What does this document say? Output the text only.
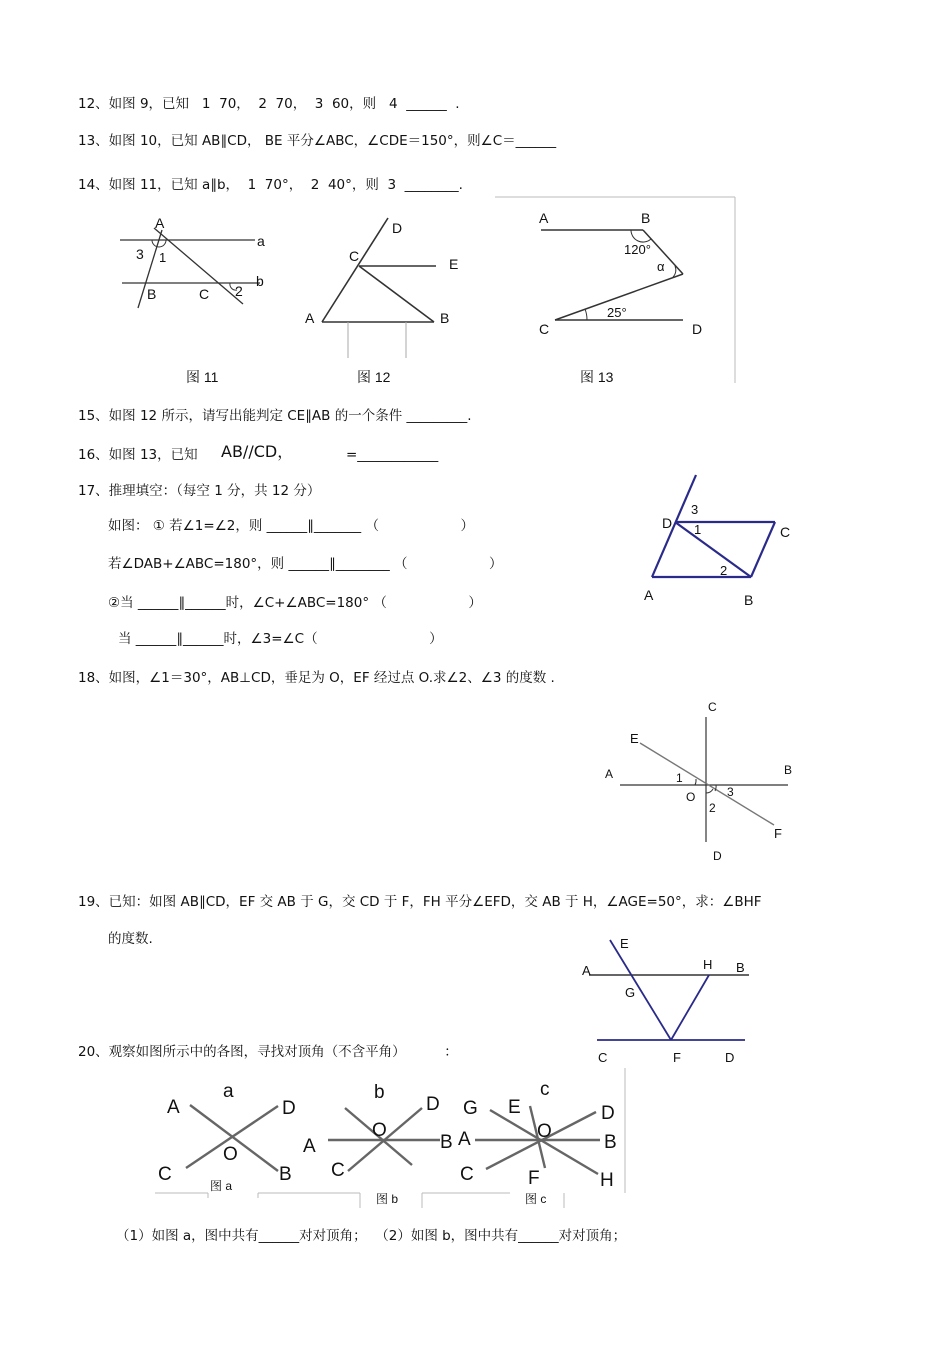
12、如图 9，已知   1  70，  2  70，  3  60，则   4  ______  .
13、如图 10，已知 AB∥CD， BE 平分∠ABC，∠CDE＝150°，则∠C＝______
14、如图 11，已知 a∥b，  1  70°，  2  40°，则  3  ________.
A
a
3 1
b
B	C 2
图 11
D
C	E
A	B
图 12
A	B
120°
α
C	D
25°
图 13
15、如图 12 所示，请写出能判定 CE∥AB 的一个条件 _________.
16、如图 13，已知 AB//CD，	=____________
17、推理填空：（每空 1 分，共 12 分）
如图： ① 若∠1=∠2，则 ______∥_______ （                   ）
若∠DAB+∠ABC=180°，则 ______∥________ （                   ）
②当 ______∥______时，∠C+∠ABC=180° （                   ）
当 ______∥______时，∠3=∠C（                          ）
3
D 1	C
2
A	B
18、如图，∠1＝30°，AB⊥CD，垂足为 O，EF 经过点 O.求∠2、∠3 的度数 .
C
E
A	B
1
O	3
2
F
D
19、已知：如图 AB∥CD，EF 交 AB 于 G，交 CD 于 F，FH 平分∠EFD，交 AB 于 H，∠AGE=50°，求：∠BHF
的度数.	E
A	H B
G
C	F	D
20、观察如图所示中的各图，寻找对顶角（不含平角）         ：
a
A	D
O
C	B
图 a
b
D
A
O
B
C
图 b
c
G E	D
A	O
B
C	F	H
图 c
（1）如图 a，图中共有______对对顶角；  （2）如图 b，图中共有______对对顶角；
